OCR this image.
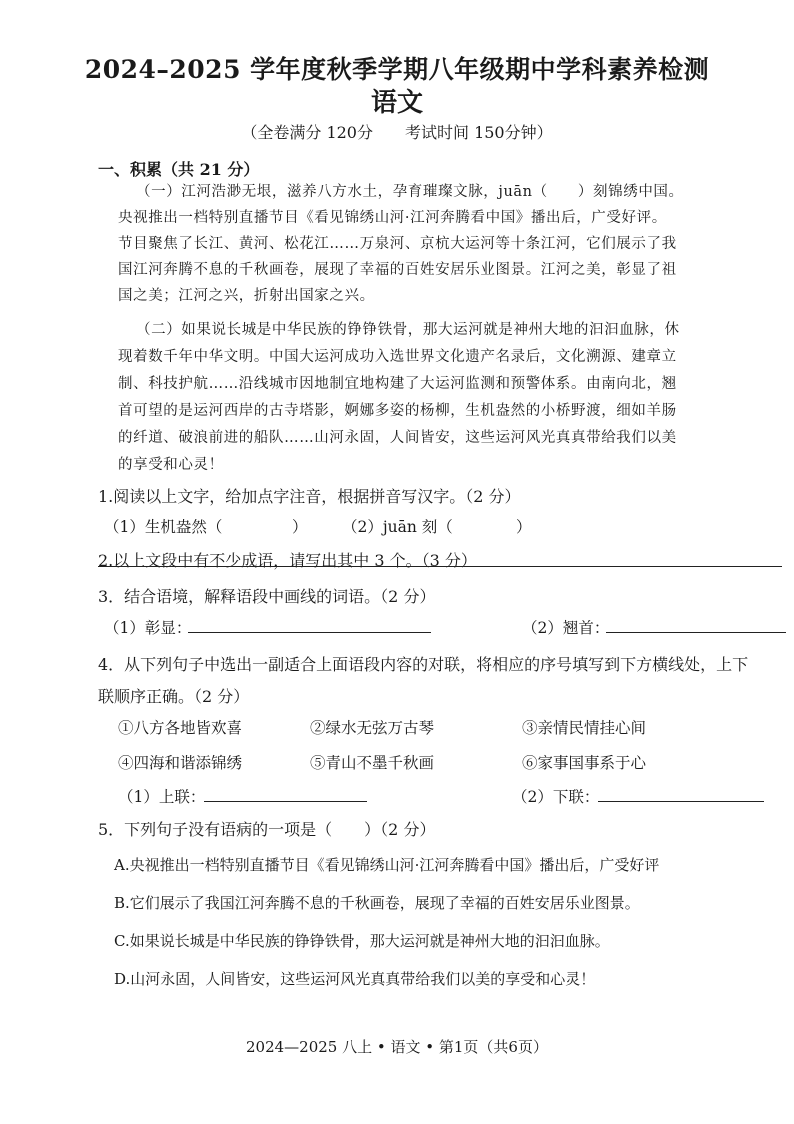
2024–2025 学年度秋季学期八年级期中学科素养检测
语文
（全卷满分 120分　　考试时间 150分钟）
一、积累（共 21 分）
（一）江河浩渺无垠，滋养八方水土，孕育璀璨文脉，juān（　　）刻锦绣中国。
央视推出一档特别直播节目《看见锦绣山河·江河奔腾看中国》播出后，广受好评。
节目聚焦了长江、黄河、松花江……万泉河、京杭大运河等十条江河，它们展示了我
国江河奔腾不息的千秋画卷，展现了幸福的百姓安居乐业图景。江河之美，彰显了祖
国之美；江河之兴，折射出国家之兴。
（二）如果说长城是中华民族的铮铮铁骨，那大运河就是神州大地的汩汩血脉，休
现着数千年中华文明。中国大运河成功入选世界文化遗产名录后，文化溯源、建章立
制、科技护航……沿线城市因地制宜地构建了大运河监测和预警体系。由南向北，翘
首可望的是运河西岸的古寺塔影，婀娜多姿的杨柳，生机盎然的小桥野渡，细如羊肠
的纤道、破浪前进的船队……山河永固，人间皆安，这些运河风光真真带给我们以美
的享受和心灵！
1.阅读以上文字，给加点字注音，根据拼音写汉字。（2 分）
（1）生机盎然（	） （2）juān 刻（	）
2.以上文段中有不少成语，请写出其中 3 个。（3 分）
3．结合语境，解释语段中画线的词语。（2 分）
（1）彰显：	（2）翘首：
4．从下列句子中选出一副适合上面语段内容的对联，将相应的序号填写到下方横线处，上下
联顺序正确。（2 分）
①八方各地皆欢喜	②绿水无弦万古琴	③亲情民情挂心间
④四海和谐添锦绣	⑤青山不墨千秋画	⑥家事国事系于心
（1）上联：	（2）下联：
5．下列句子没有语病的一项是（　　）（2 分）
A.央视推出一档特别直播节目《看见锦绣山河·江河奔腾看中国》播出后，广受好评
B.它们展示了我国江河奔腾不息的千秋画卷，展现了幸福的百姓安居乐业图景。
C.如果说长城是中华民族的铮铮铁骨，那大运河就是神州大地的汩汩血脉。
D.山河永固，人间皆安，这些运河风光真真带给我们以美的享受和心灵！
2024—2025 八上 • 语文 • 第1页（共6页）
